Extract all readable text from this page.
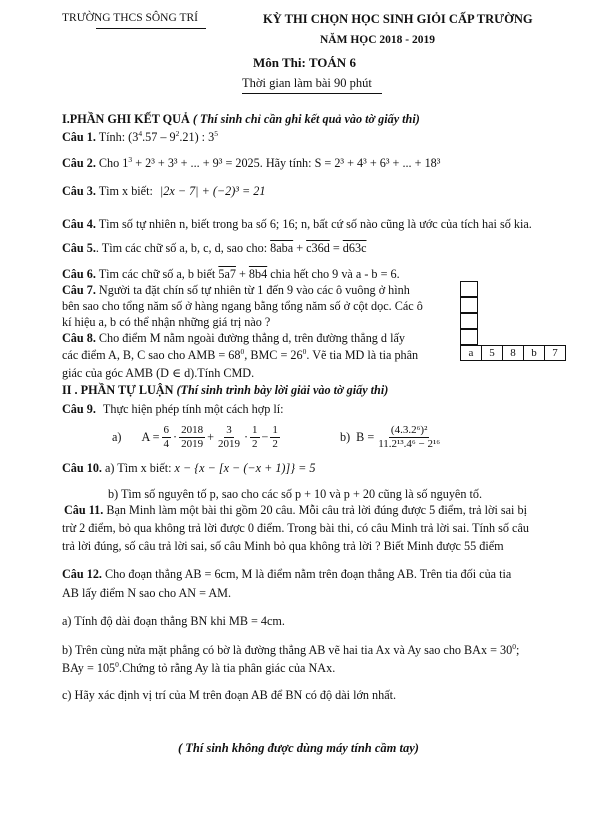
TRƯỜNG THCS SÔNG TRÍ	KỲ THI CHỌN HỌC SINH GIỎI CẤP TRƯỜNG
NĂM HỌC 2018 - 2019
Môn Thi: TOÁN 6
Thời gian làm bài 90 phút
I.PHẦN GHI KẾT QUẢ ( Thí sinh chỉ cần ghi kết quả vào tờ giấy thi)
Câu 1. Tính: $(3^4.57 - 9^2.21)$ : $3^5$
Câu 2. Cho $1^3 + 2^3 + 3^3$ + ... + 9³ = 2025. Hãy tính: S = 2³ + 4³ + 6³ + ... + 18³
Câu 3. Tìm x biết: |2x − 7| + (−2)³ = 21
Câu 4. Tìm số tự nhiên n, biết trong ba số 6; 16; n, bất cứ số nào cũng là ước của tích hai số kia.
Câu 5.. Tìm các chữ số a, b, c, d, sao cho: 8aba + c36d = d63c
Câu 6. Tìm các chữ số a, b biết 5a7 + 8b4 chia hết cho 9 và a - b = 6.
Câu 7. Người ta đặt chín số tự nhiên từ 1 đến 9 vào các ô vuông ở hình
bên sao cho tổng năm số ở hàng ngang bằng tổng năm số ở cột dọc. Các ô
kí hiệu a, b có thể nhận những giá trị nào ?
a	5	8	b	7
Câu 8. Cho điểm M nằm ngoài đường thẳng d, trên đường thẳng d lấy
các điểm A, B, C sao cho AMB = $68^0$, BMC = $26^0$. Vẽ tia MD là tia phân
giác của góc AMB (D ∈ d).Tính CMD.
II . PHẦN TỰ LUẬN (Thí sinh trình bày lời giải vào tờ giấy thi)
Câu 9. Thực hiện phép tính một cách hợp lí:
a) $A = \frac{6}{4} \cdot \frac{2018}{2019} + \frac{3}{2019} \cdot \frac{1}{2} - \frac{1}{2}$	b) $B = \frac{\text{(4.3.2⁶)²}}{\text{11.2¹³.4⁶ − 2¹⁶}}$
Câu 10. a) Tìm x biết: x − {x − [x − (−x + 1)]} = 5
b) Tìm số nguyên tố p, sao cho các số p + 10 và p + 20 cũng là số nguyên tố.
Câu 11. Bạn Minh làm một bài thi gồm 20 câu. Mỗi câu trả lời đúng được 5 điểm, trả lời sai bị
trừ 2 điểm, bỏ qua không trả lời được 0 điểm. Trong bài thi, có câu Minh trả lời sai. Tính số câu
trả lời đúng, số câu trả lời sai, số câu Minh bỏ qua không trả lời ? Biết Minh được 55 điểm
Câu 12. Cho đoạn thẳng AB = 6cm, M là điểm nằm trên đoạn thẳng AB. Trên tia đối của tia
AB lấy điểm N sao cho AN = AM.
a) Tính độ dài đoạn thẳng BN khi MB = 4cm.
b) Trên cùng nửa mặt phẳng có bờ là đường thẳng AB vẽ hai tia Ax và Ay sao cho BAx = $30^0$;
BAy = $105^0.Chứng$ tỏ rằng Ay là tia phân giác của NAx.
c) Hãy xác định vị trí của M trên đoạn AB để BN có độ dài lớn nhất.
( Thí sinh không được dùng máy tính cầm tay)
